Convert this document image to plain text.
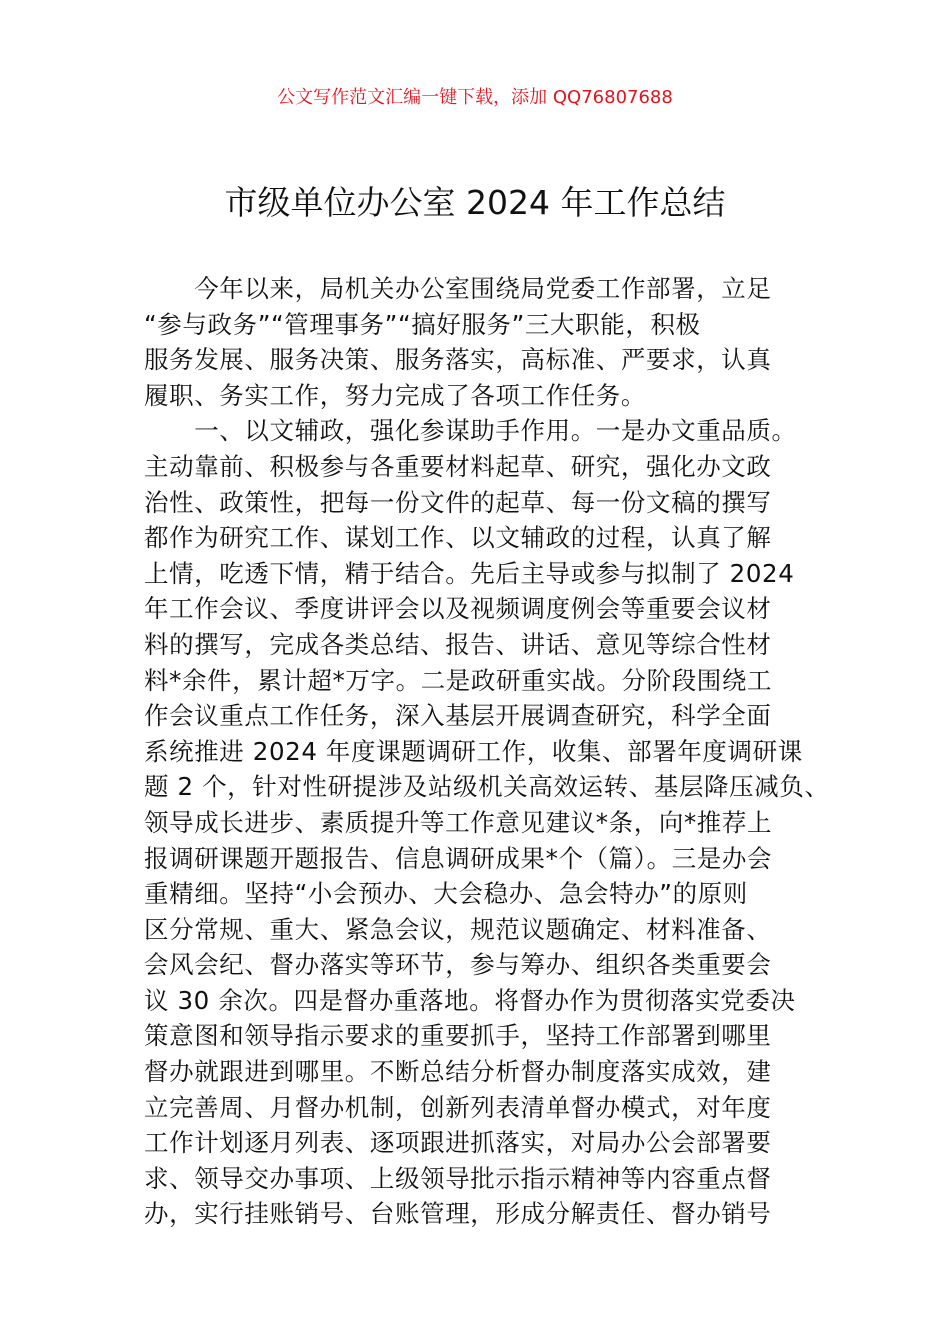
公文写作范文汇编一键下载，添加 QQ76807688
市级单位办公室 2024 年工作总结
　　今年以来，局机关办公室围绕局党委工作部署，立足
“参与政务”“管理事务”“搞好服务”三大职能，积极
服务发展、服务决策、服务落实，高标准、严要求，认真
履职、务实工作，努力完成了各项工作任务。
　　一、以文辅政，强化参谋助手作用。一是办文重品质。
主动靠前、积极参与各重要材料起草、研究，强化办文政
治性、政策性，把每一份文件的起草、每一份文稿的撰写
都作为研究工作、谋划工作、以文辅政的过程，认真了解
上情，吃透下情，精于结合。先后主导或参与拟制了 2024
年工作会议、季度讲评会以及视频调度例会等重要会议材
料的撰写，完成各类总结、报告、讲话、意见等综合性材
料*余件，累计超*万字。二是政研重实战。分阶段围绕工
作会议重点工作任务，深入基层开展调查研究，科学全面
系统推进 2024 年度课题调研工作，收集、部署年度调研课
题 2 个，针对性研提涉及站级机关高效运转、基层降压减负、
领导成长进步、素质提升等工作意见建议*条，向*推荐上
报调研课题开题报告、信息调研成果*个（篇）。三是办会
重精细。坚持“小会预办、大会稳办、急会特办”的原则
区分常规、重大、紧急会议，规范议题确定、材料准备、
会风会纪、督办落实等环节，参与筹办、组织各类重要会
议 30 余次。四是督办重落地。将督办作为贯彻落实党委决
策意图和领导指示要求的重要抓手，坚持工作部署到哪里
督办就跟进到哪里。不断总结分析督办制度落实成效，建
立完善周、月督办机制，创新列表清单督办模式，对年度
工作计划逐月列表、逐项跟进抓落实，对局办公会部署要
求、领导交办事项、上级领导批示指示精神等内容重点督
办，实行挂账销号、台账管理，形成分解责任、督办销号
